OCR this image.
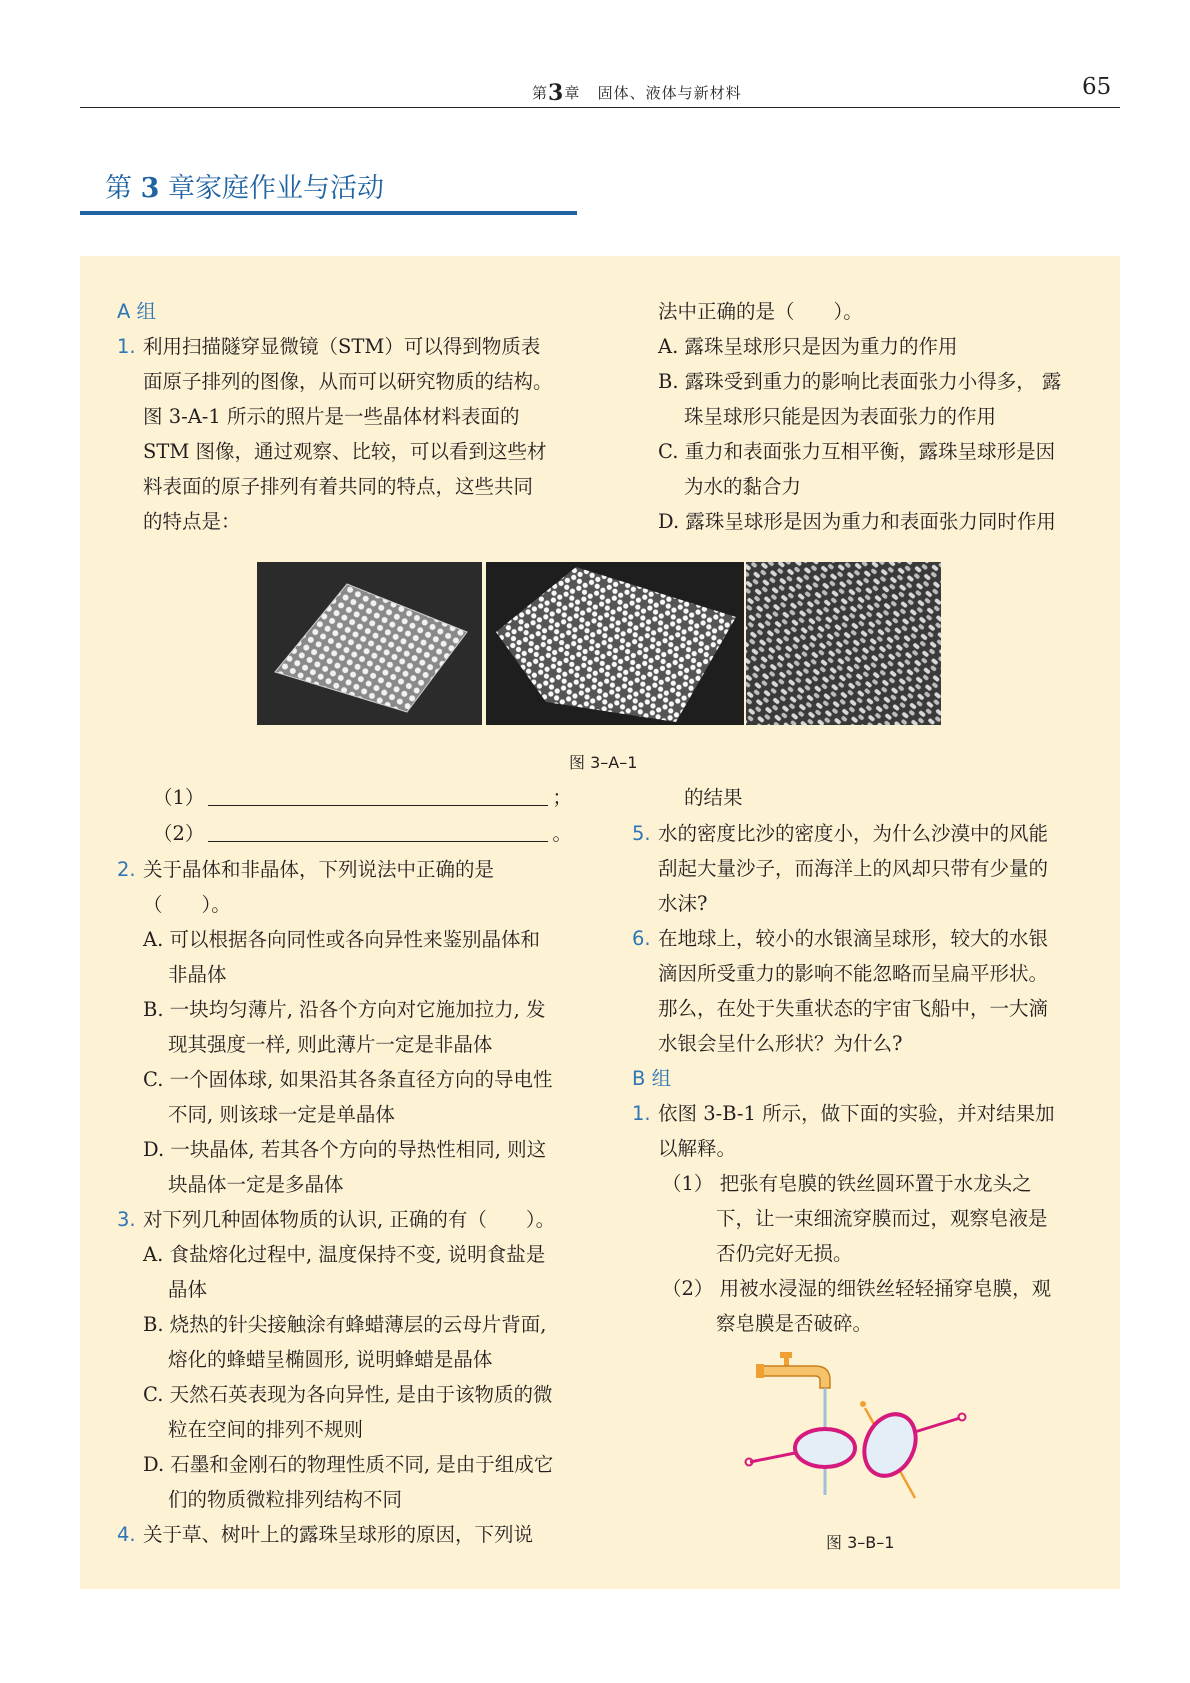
第3章 固体、液体与新材料	65
第 3 章家庭作业与活动
A 组
1. 利用扫描隧穿显微镜（STM）可以得到物质表
面原子排列的图像，从而可以研究物质的结构。
图 3-A-1 所示的照片是一些晶体材料表面的
STM 图像，通过观察、比较，可以看到这些材
料表面的原子排列有着共同的特点，这些共同
的特点是：
法中正确的是（　　）。
A. 露珠呈球形只是因为重力的作用
B. 露珠受到重力的影响比表面张力小得多， 露
珠呈球形只能是因为表面张力的作用
C. 重力和表面张力互相平衡，露珠呈球形是因
为水的黏合力
D. 露珠呈球形是因为重力和表面张力同时作用
图 3–A–1
（1）	；
（2）	。
2. 关于晶体和非晶体，下列说法中正确的是
（　　）。
A. 可以根据各向同性或各向异性来鉴别晶体和
非晶体
B. 一块均匀薄片, 沿各个方向对它施加拉力, 发
现其强度一样, 则此薄片一定是非晶体
C. 一个固体球, 如果沿其各条直径方向的导电性
不同, 则该球一定是单晶体
D. 一块晶体, 若其各个方向的导热性相同, 则这
块晶体一定是多晶体
3. 对下列几种固体物质的认识, 正确的有（　　）。
A. 食盐熔化过程中, 温度保持不变, 说明食盐是
晶体
B. 烧热的针尖接触涂有蜂蜡薄层的云母片背面,
熔化的蜂蜡呈椭圆形, 说明蜂蜡是晶体
C. 天然石英表现为各向异性, 是由于该物质的微
粒在空间的排列不规则
D. 石墨和金刚石的物理性质不同, 是由于组成它
们的物质微粒排列结构不同
4. 关于草、树叶上的露珠呈球形的原因，下列说
的结果
5. 水的密度比沙的密度小，为什么沙漠中的风能
刮起大量沙子，而海洋上的风却只带有少量的
水沫?
6. 在地球上，较小的水银滴呈球形，较大的水银
滴因所受重力的影响不能忽略而呈扁平形状。
那么，在处于失重状态的宇宙飞船中，一大滴
水银会呈什么形状？为什么?
B 组
1. 依图 3-B-1 所示，做下面的实验，并对结果加
以解释。
（1） 把张有皂膜的铁丝圆环置于水龙头之
下，让一束细流穿膜而过，观察皂液是
否仍完好无损。
（2） 用被水浸湿的细铁丝轻轻捅穿皂膜，观
察皂膜是否破碎。
图 3–B–1
